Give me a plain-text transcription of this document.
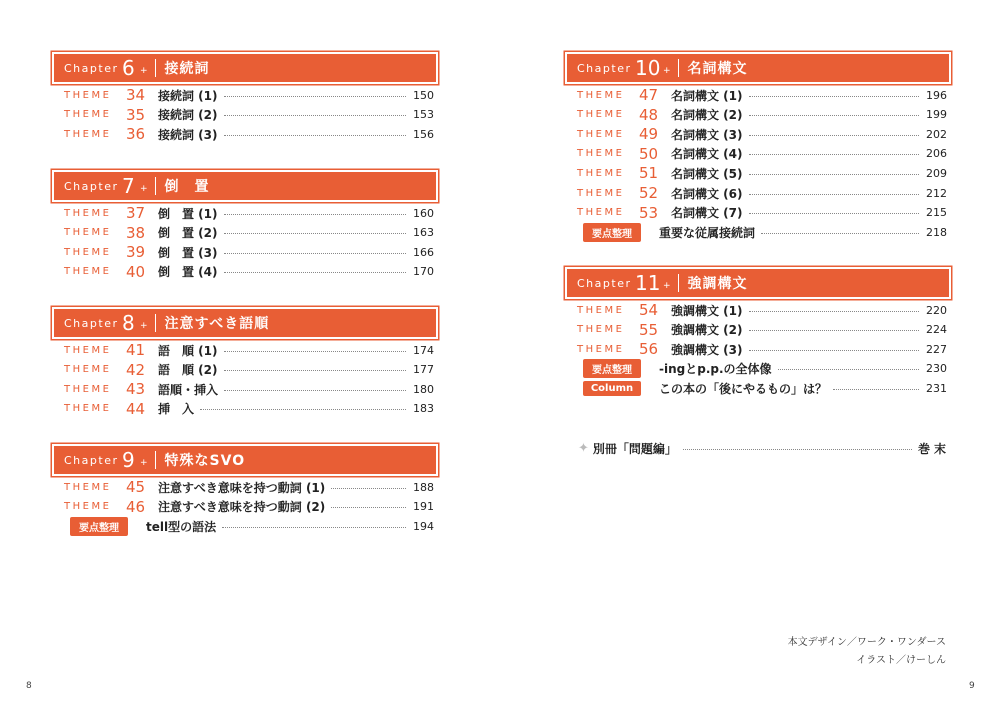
Chapter 6 + 接続詞
THEME 34 接続詞 (1)	150
THEME 35 接続詞 (2)	153
THEME 36 接続詞 (3)	156
Chapter 7 + 倒　置
THEME 37 倒　置 (1)	160
THEME 38 倒　置 (2)	163
THEME 39 倒　置 (3)	166
THEME 40 倒　置 (4)	170
Chapter 8 + 注意すべき語順
THEME 41 語　順 (1)	174
THEME 42 語　順 (2)	177
THEME 43 語順・挿入	180
THEME 44 挿　入	183
Chapter 9 + 特殊なSVO
THEME 45 注意すべき意味を持つ動詞 (1)	188
THEME 46 注意すべき意味を持つ動詞 (2)	191
要点整理	tell型の語法	194
Chapter 10 + 名詞構文
THEME 47 名詞構文 (1)	196
THEME 48 名詞構文 (2)	199
THEME 49 名詞構文 (3)	202
THEME 50 名詞構文 (4)	206
THEME 51 名詞構文 (5)	209
THEME 52 名詞構文 (6)	212
THEME 53 名詞構文 (7)	215
要点整理	重要な従属接続詞	218
Chapter 11 + 強調構文
THEME 54 強調構文 (1)	220
THEME 55 強調構文 (2)	224
THEME 56 強調構文 (3)	227
要点整理	-ingとp.p.の全体像	230
Column	この本の「後にやるもの」は？	231
✦ 別冊「問題編」	巻末
本文デザイン／ワーク・ワンダース
イラスト／けーしん
8	9
